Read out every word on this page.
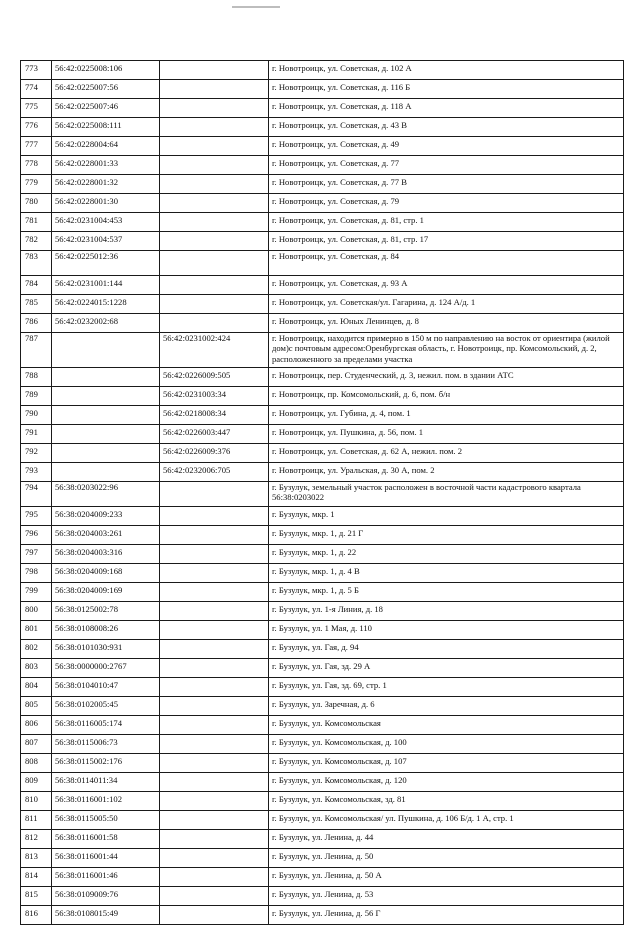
773	56:42:0225008:106		г. Новотроицк, ул. Советская, д. 102 А
774	56:42:0225007:56		г. Новотроицк, ул. Советская, д. 116 Б
775	56:42:0225007:46		г. Новотроицк, ул. Советская, д. 118 А
776	56:42:0225008:111		г. Новотроицк, ул. Советская, д. 43 В
777	56:42:0228004:64		г. Новотроицк, ул. Советская, д. 49
778	56:42:0228001:33		г. Новотроицк, ул. Советская, д. 77
779	56:42:0228001:32		г. Новотроицк, ул. Советская, д. 77 В
780	56:42:0228001:30		г. Новотроицк, ул. Советская, д. 79
781	56:42:0231004:453		г. Новотроицк, ул. Советская, д. 81, стр. 1
782	56:42:0231004:537		г. Новотроицк, ул. Советская, д. 81, стр. 17
783	56:42:0225012:36		г. Новотроицк, ул. Советская, д. 84
784	56:42:0231001:144		г. Новотроицк, ул. Советская, д. 93 А
785	56:42:0224015:1228		г. Новотроицк, ул. Советская/ул. Гагарина, д. 124 А/д. 1
786	56:42:0232002:68		г. Новотроицк, ул. Юных Ленинцев, д. 8
787		56:42:0231002:424	г. Новотроицк, находится примерно в 150 м по направлению на восток от ориентира (жилой дом)с почтовым адресом:Оренбургская область, г. Новотроицк, пр. Комсомольский, д. 2, расположенного за пределами участка
788		56:42:0226009:505	г. Новотроицк, пер. Студенческий, д. 3, нежил. пом. в здании АТС
789		56:42:0231003:34	г. Новотроицк, пр. Комсомольский, д. 6, пом. б/н
790		56:42:0218008:34	г. Новотроицк, ул. Губина, д. 4, пом. 1
791		56:42:0226003:447	г. Новотроицк, ул. Пушкина, д. 56, пом. 1
792		56:42:0226009:376	г. Новотроицк, ул. Советская, д. 62 А, нежил. пом. 2
793		56:42:0232006:705	г. Новотроицк, ул. Уральская, д. 30 А, пом. 2
794	56:38:0203022:96		г. Бузулук, земельный участок расположен в восточной части кадастрового квартала 56:38:0203022
795	56:38:0204009:233		г. Бузулук, мкр. 1
796	56:38:0204003:261		г. Бузулук, мкр. 1, д. 21 Г
797	56:38:0204003:316		г. Бузулук, мкр. 1, д. 22
798	56:38:0204009:168		г. Бузулук, мкр. 1, д. 4 В
799	56:38:0204009:169		г. Бузулук, мкр. 1, д. 5 Б
800	56:38:0125002:78		г. Бузулук, ул. 1-я Линия, д. 18
801	56:38:0108008:26		г. Бузулук, ул. 1 Мая, д. 110
802	56:38:0101030:931		г. Бузулук, ул. Гая, д. 94
803	56:38:0000000:2767		г. Бузулук, ул. Гая, зд. 29 А
804	56:38:0104010:47		г. Бузулук, ул. Гая, зд. 69, стр. 1
805	56:38:0102005:45		г. Бузулук, ул. Заречная, д. 6
806	56:38:0116005:174		г. Бузулук, ул. Комсомольская
807	56:38:0115006:73		г. Бузулук, ул. Комсомольская, д. 100
808	56:38:0115002:176		г. Бузулук, ул. Комсомольская, д. 107
809	56:38:0114011:34		г. Бузулук, ул. Комсомольская, д. 120
810	56:38:0116001:102		г. Бузулук, ул. Комсомольская, зд. 81
811	56:38:0115005:50		г. Бузулук, ул. Комсомольская/ ул. Пушкина, д. 106 Б/д. 1 А, стр. 1
812	56:38:0116001:58		г. Бузулук, ул. Ленина, д. 44
813	56:38:0116001:44		г. Бузулук, ул. Ленина, д. 50
814	56:38:0116001:46		г. Бузулук, ул. Ленина, д. 50 А
815	56:38:0109009:76		г. Бузулук, ул. Ленина, д. 53
816	56:38:0108015:49		г. Бузулук, ул. Ленина, д. 56 Г
